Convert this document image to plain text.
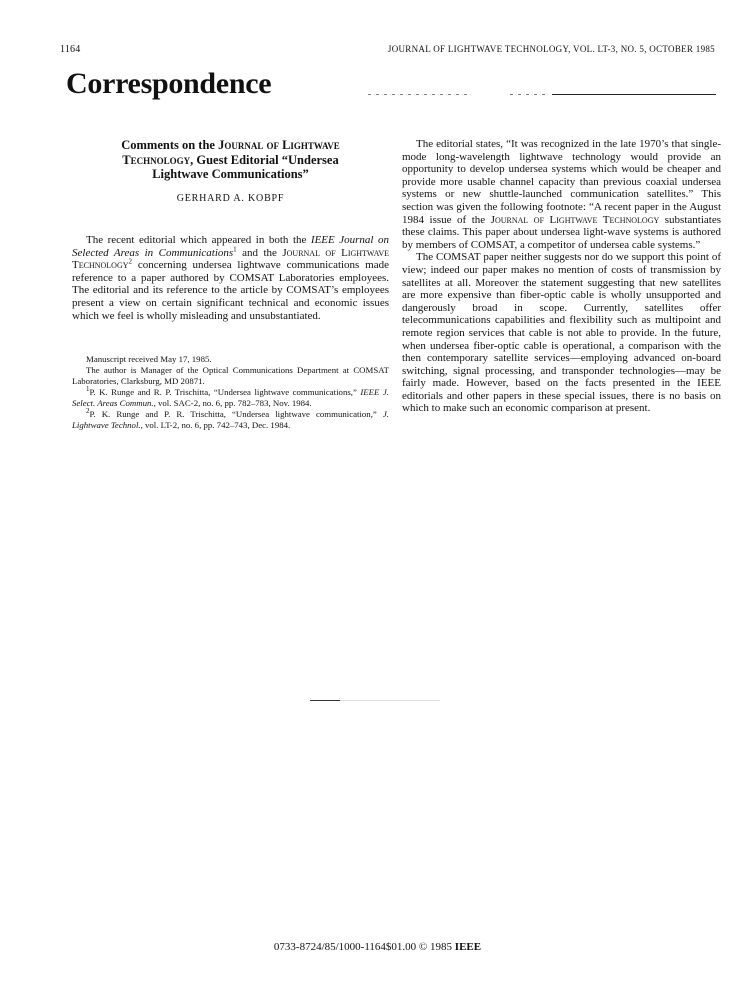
1164	JOURNAL OF LIGHTWAVE TECHNOLOGY, VOL. LT-3, NO. 5, OCTOBER 1985
Correspondence
Comments on the Journal of Lightwave
Technology, Guest Editorial “Undersea
Lightwave Communications”
GERHARD A. KOBPF

The recent editorial which appeared in both the IEEE Journal on Selected Areas in Communications$^1$ and the Journal of Lightwave Technology$^2$ concerning undersea lightwave communications made reference to a paper authored by COMSAT Laboratories employees. The editorial and its reference to the article by COMSAT’s employees present a view on certain significant technical and economic issues which we feel is wholly misleading and unsubstantiated.

Manuscript received May 17, 1985.

The author is Manager of the Optical Communications Department at COMSAT Laboratories, Clarksburg, MD 20871.

$^1$P. K. Runge and R. P. Trischitta, “Undersea lightwave communications,” IEEE J. Select. Areas Commun., vol. SAC-2, no. 6, pp. 782–783, Nov. 1984.

$^2$P. K. Runge and P. R. Trischitta, “Undersea lightwave communication,” J. Lightwave Technol., vol. LT-2, no. 6, pp. 742–743, Dec. 1984.

The editorial states, “It was recognized in the late 1970’s that single-mode long-wavelength lightwave technology would provide an opportunity to develop undersea systems which would be cheaper and provide more usable channel capacity than previous coaxial undersea systems or new shuttle-launched communication satellites.” This section was given the following footnote: “A recent paper in the August 1984 issue of the Journal of Lightwave Technology substantiates these claims. This paper about undersea light-wave systems is authored by members of COMSAT, a competitor of undersea cable systems.”

The COMSAT paper neither suggests nor do we support this point of view; indeed our paper makes no mention of costs of transmission by satellites at all. Moreover the statement suggesting that new satellites are more expensive than fiber-optic cable is wholly unsupported and dangerously broad in scope. Currently, satellites offer telecommunications capabilities and flexibility such as multipoint and remote region services that cable is not able to provide. In the future, when undersea fiber-optic cable is operational, a comparison with the then contemporary satellite services—employing advanced on-board switching, signal processing, and transponder technologies—may be fairly made. However, based on the facts presented in the IEEE editorials and other papers in these special issues, there is no basis on which to make such an economic comparison at present.

0733-8724/85/1000-1164$01.00 © 1985 IEEE
